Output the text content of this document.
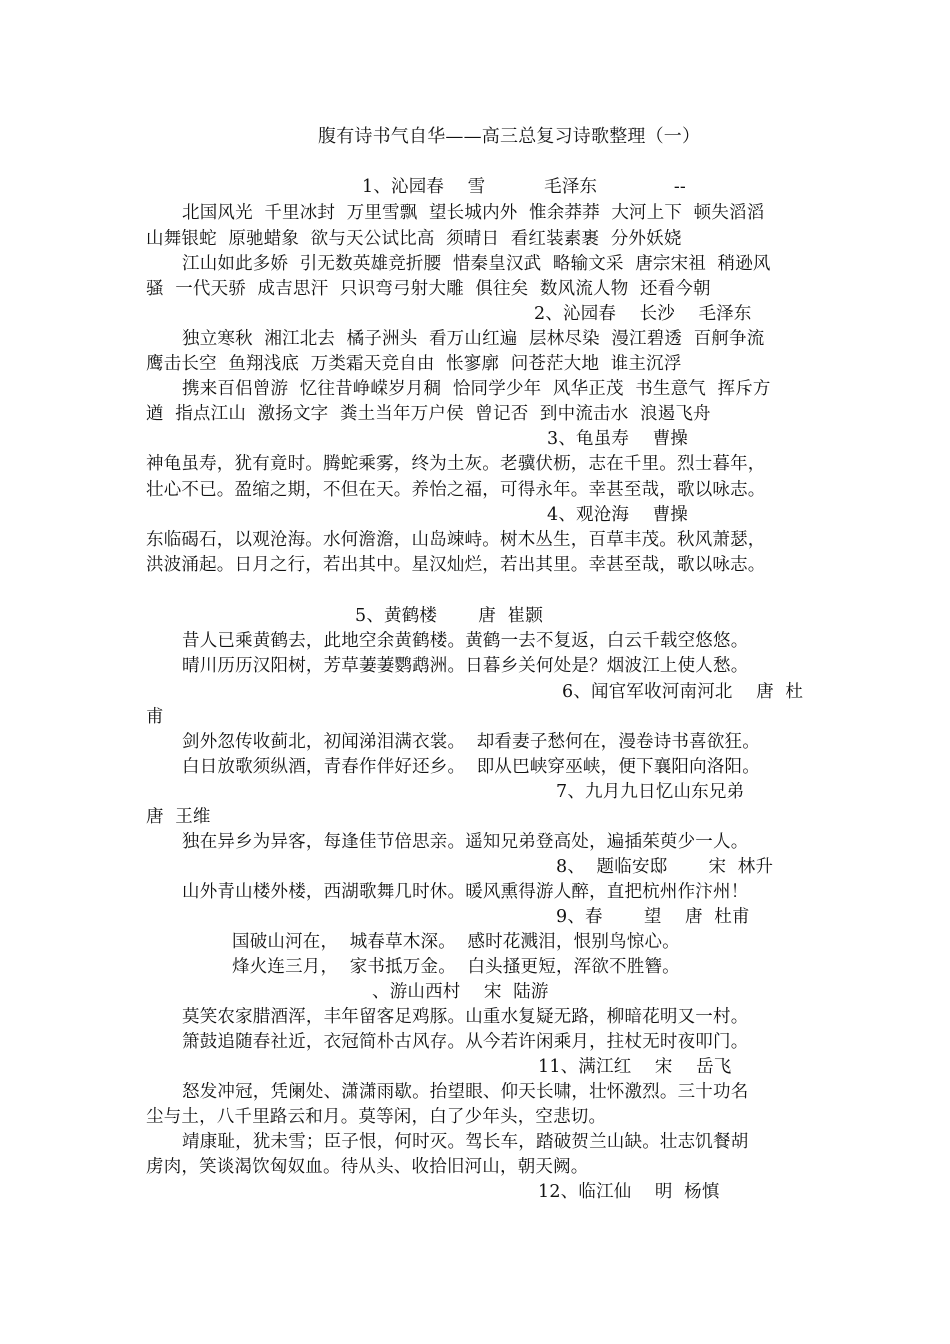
腹有诗书气自华——高三总复习诗歌整理（一）
1、沁园春　 雪　　　 毛泽东　　　　 --
北国风光  千里冰封  万里雪飘  望长城内外  惟余莽莽  大河上下  顿失滔滔
山舞银蛇  原驰蜡象  欲与天公试比高  须晴日  看红装素裹  分外妖娆
江山如此多娇  引无数英雄竞折腰  惜秦皇汉武  略输文采  唐宗宋祖  稍逊风
骚  一代天骄  成吉思汗  只识弯弓射大雕  俱往矣  数风流人物  还看今朝
2、沁园春　 长沙　 毛泽东
独立寒秋  湘江北去  橘子洲头  看万山红遍  层林尽染  漫江碧透  百舸争流
鹰击长空  鱼翔浅底  万类霜天竞自由  怅寥廓  问苍茫大地  谁主沉浮
携来百侣曾游  忆往昔峥嵘岁月稠  恰同学少年  风华正茂  书生意气  挥斥方
遒  指点江山  激扬文字  粪土当年万户侯  曾记否  到中流击水  浪遏飞舟
3、龟虽寿　 曹操
神龟虽寿，犹有竟时。腾蛇乘雾，终为土灰。老骥伏枥，志在千里。烈士暮年，
壮心不已。盈缩之期，不但在天。养怡之福，可得永年。幸甚至哉，歌以咏志。
4、观沧海　 曹操
东临碣石，以观沧海。水何澹澹，山岛竦峙。树木丛生，百草丰茂。秋风萧瑟，
洪波涌起。日月之行，若出其中。星汉灿烂，若出其里。幸甚至哉，歌以咏志。
5、黄鹤楼　　 唐  崔颢
昔人已乘黄鹤去，此地空余黄鹤楼。黄鹤一去不复返，白云千载空悠悠。
晴川历历汉阳树，芳草萋萋鹦鹉洲。日暮乡关何处是？烟波江上使人愁。
6、闻官军收河南河北　 唐  杜
甫
剑外忽传收蓟北，初闻涕泪满衣裳。  却看妻子愁何在，漫卷诗书喜欲狂。
白日放歌须纵酒，青春作伴好还乡。  即从巴峡穿巫峡，便下襄阳向洛阳。
7、九月九日忆山东兄弟
唐  王维
独在异乡为异客，每逢佳节倍思亲。遥知兄弟登高处，遍插茱萸少一人。
8、  题临安邸　　 宋  林升
山外青山楼外楼，西湖歌舞几时休。暖风熏得游人醉，直把杭州作汴州！
9、春　　 望　 唐  杜甫
国破山河在，  城春草木深。  感时花溅泪，恨别鸟惊心。
烽火连三月，  家书抵万金。  白头搔更短，浑欲不胜簪。
、游山西村　 宋  陆游
莫笑农家腊酒浑，丰年留客足鸡豚。山重水复疑无路，柳暗花明又一村。
箫鼓追随春社近，衣冠简朴古风存。从今若许闲乘月，拄杖无时夜叩门。
11、满江红　 宋　 岳飞
怒发冲冠，凭阑处、潇潇雨歇。抬望眼、仰天长啸，壮怀激烈。三十功名
尘与土，八千里路云和月。莫等闲，白了少年头，空悲切。
靖康耻，犹未雪；臣子恨，何时灭。驾长车，踏破贺兰山缺。壮志饥餐胡
虏肉，笑谈渴饮匈奴血。待从头、收拾旧河山，朝天阙。
12、临江仙　 明  杨慎
